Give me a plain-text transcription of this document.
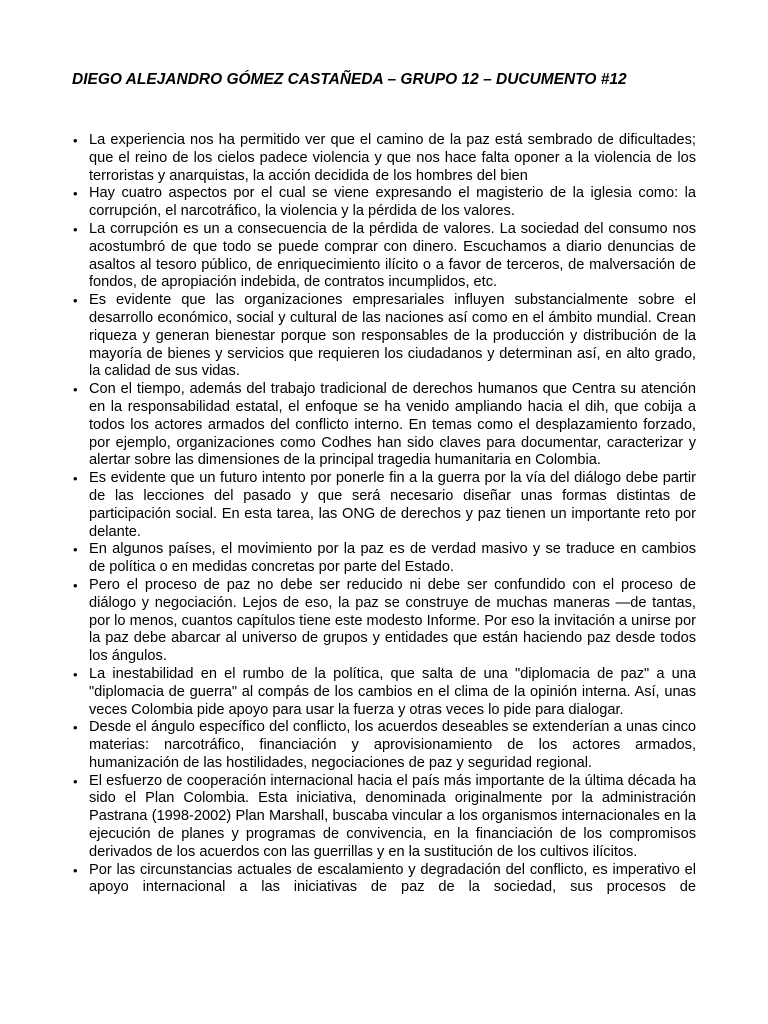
DIEGO ALEJANDRO GÓMEZ CASTAÑEDA – GRUPO 12 – DUCUMENTO #12
• La experiencia nos ha permitido ver que el camino de la paz está sembrado de dificultades; que el reino de los cielos padece violencia y que nos hace falta oponer a la violencia de los terroristas y anarquistas, la acción decidida de los hombres del bien
• Hay cuatro aspectos por el cual se viene expresando el magisterio de la iglesia como: la corrupción, el narcotráfico, la violencia y la pérdida de los valores.
• La corrupción es un a consecuencia de la pérdida de valores. La sociedad del consumo nos acostumbró de que todo se puede comprar con dinero. Escuchamos a diario denuncias de asaltos al tesoro público, de enriquecimiento ilícito o a favor de terceros, de malversación de fondos, de apropiación indebida, de contratos incumplidos, etc.
• Es evidente que las organizaciones empresariales influyen substancialmente sobre el desarrollo económico, social y cultural de las naciones así como en el ámbito mundial. Crean riqueza y generan bienestar porque son responsables de la producción y distribución de la mayoría de bienes y servicios que requieren los ciudadanos y determinan así, en alto grado, la calidad de sus vidas.
• Con el tiempo, además del trabajo tradicional de derechos humanos que Centra su atención en la responsabilidad estatal, el enfoque se ha venido ampliando hacia el dih, que cobija a todos los actores armados del conflicto interno. En temas como el desplazamiento forzado, por ejemplo, organizaciones como Codhes han sido claves para documentar, caracterizar y alertar sobre las dimensiones de la principal tragedia humanitaria en Colombia.
• Es evidente que un futuro intento por ponerle fin a la guerra por la vía del diálogo debe partir de las lecciones del pasado y que será necesario diseñar unas formas distintas de participación social. En esta tarea, las ONG de derechos y paz tienen un importante reto por delante.
• En algunos países, el movimiento por la paz es de verdad masivo y se traduce en cambios de política o en medidas concretas por parte del Estado.
• Pero el proceso de paz no debe ser reducido ni debe ser confundido con el proceso de diálogo y negociación. Lejos de eso, la paz se construye de muchas maneras —de tantas, por lo menos, cuantos capítulos tiene este modesto Informe. Por eso la invitación a unirse por la paz debe abarcar al universo de grupos y entidades que están haciendo paz desde todos los ángulos.
• La inestabilidad en el rumbo de la política, que salta de una "diplomacia de paz" a una "diplomacia de guerra" al compás de los cambios en el clima de la opinión interna. Así, unas veces Colombia pide apoyo para usar la fuerza y otras veces lo pide para dialogar.
• Desde el ángulo específico del conflicto, los acuerdos deseables se extenderían a unas cinco materias: narcotráfico, financiación y aprovisionamiento de los actores armados, humanización de las hostilidades, negociaciones de paz y seguridad regional.
• El esfuerzo de cooperación internacional hacia el país más importante de la última década ha sido el Plan Colombia. Esta iniciativa, denominada originalmente por la administración Pastrana (1998-2002) Plan Marshall, buscaba vincular a los organismos internacionales en la ejecución de planes y programas de convivencia, en la financiación de los compromisos derivados de los acuerdos con las guerrillas y en la sustitución de los cultivos ilícitos.
• Por las circunstancias actuales de escalamiento y degradación del conflicto, es imperativo el apoyo internacional a las iniciativas de paz de la sociedad, sus procesos de
